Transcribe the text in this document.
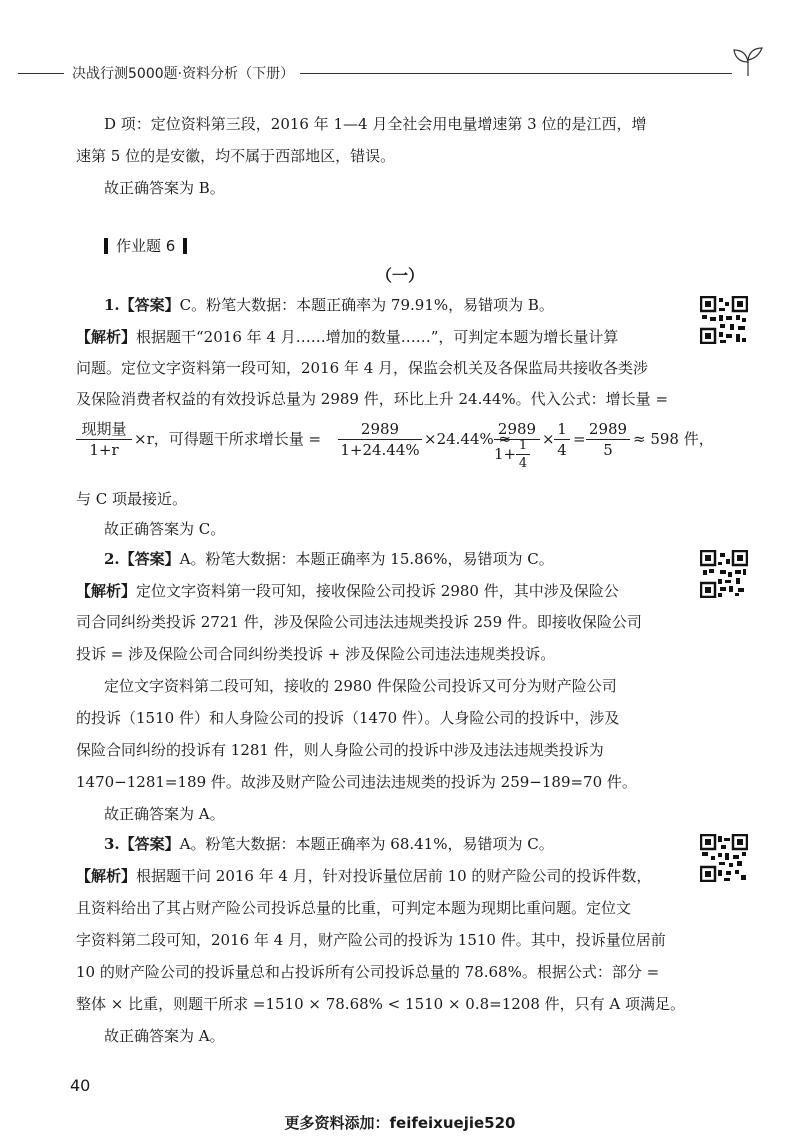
决战行测5000题·资料分析（下册）

D 项：定位资料第三段，2016 年 1—4 月全社会用电量增速第 3 位的是江西，增

速第 5 位的是安徽，均不属于西部地区，错误。

故正确答案为 B。

作业题 6
（一）

1.【答案】C。粉笔大数据：本题正确率为 79.91%，易错项为 B。

【解析】根据题干“2016 年 4 月……增加的数量……”，可判定本题为增长量计算

问题。定位文字资料第一段可知，2016 年 4 月，保监会机关及各保监局共接收各类涉

及保险消费者权益的有效投诉总量为 2989 件，环比上升 24.44%。代入公式：增长量 =

现期量
1+r
×r，可得题干所求增长量 = $\frac{2989}{1+24.44\%} \times 24.44\%$ ≈
2989
1+ 1
$4 \times \frac{1}{4} = \frac{2989}{5} \approx 598$ 件，

与 C 项最接近。

故正确答案为 C。

2.【答案】A。粉笔大数据：本题正确率为 15.86%，易错项为 C。

【解析】定位文字资料第一段可知，接收保险公司投诉 2980 件，其中涉及保险公

司合同纠纷类投诉 2721 件，涉及保险公司违法违规类投诉 259 件。即接收保险公司

投诉 = 涉及保险公司合同纠纷类投诉 + 涉及保险公司违法违规类投诉。

定位文字资料第二段可知，接收的 2980 件保险公司投诉又可分为财产险公司

的投诉（1510 件）和人身险公司的投诉（1470 件）。人身险公司的投诉中，涉及

保险合同纠纷的投诉有 1281 件，则人身险公司的投诉中涉及违法违规类投诉为

1470−1281=189 件。故涉及财产险公司违法违规类的投诉为 259−189=70 件。

故正确答案为 A。

3.【答案】A。粉笔大数据：本题正确率为 68.41%，易错项为 C。

【解析】根据题干问 2016 年 4 月，针对投诉量位居前 10 的财产险公司的投诉件数，

且资料给出了其占财产险公司投诉总量的比重，可判定本题为现期比重问题。定位文

字资料第二段可知，2016 年 4 月，财产险公司的投诉为 1510 件。其中，投诉量位居前

10 的财产险公司的投诉量总和占投诉所有公司投诉总量的 78.68%。根据公式：部分 =

整体 × 比重，则题干所求 =1510 × 78.68% < 1510 × 0.8=1208 件，只有 A 项满足。

故正确答案为 A。

40
更多资料添加：feifeixuejie520
